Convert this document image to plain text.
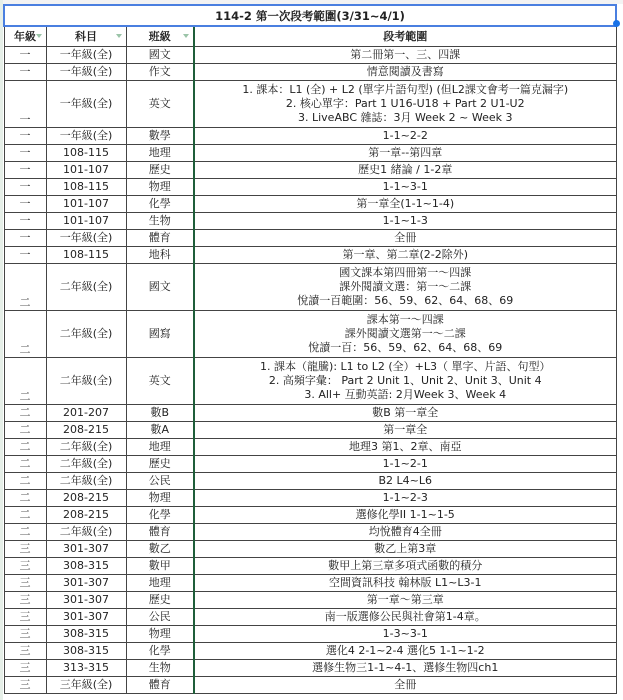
114-2 第一次段考範圍(3/31~4/1)			
年級	科目	班級	段考範圍
一	一年級(全)	國文	第二冊第一、三、四課

一	一年級(全)	作文	情意閱讀及書寫

一	一年級(全)	英文	1. 課本：L1 (全) + L2 (單字片語句型) (但L2課文會考一篇克漏字)
2. 核心單字：Part 1 U16-U18 + Part 2 U1-U2
3. LiveABC 雜誌：3月 Week 2 ~ Week 3

一	一年級(全)	數學	1-1~2-2

一	108-115	地理	第一章--第四章

一	101-107	歷史	歷史1 緒論 / 1-2章

一	108-115	物理	1-1~3-1

一	101-107	化學	第一章全(1-1~1-4)

一	101-107	生物	1-1~1-3

一	一年級(全)	體育	全冊

一	108-115	地科	第一章、第二章(2-2除外)

二	二年級(全)	國文	國文課本第四冊第一～四課
課外閱讀文選：第一～二課
悅讀一百範圍：56、59、62、64、68、69

二	二年級(全)	國寫	課本第一～四課
課外閱讀文選第一～二課
悅讀一百：56、59、62、64、68、69

二	二年級(全)	英文	1. 課本（龍騰): L1 to L2 (全）+L3（ 單字、片語、句型）
2. 高頻字彙： Part 2 Unit 1、Unit 2、Unit 3、Unit 4
3. All+ 互動英語: 2月Week 3、Week 4

二	201-207	數B	數B 第一章全

二	208-215	數A	第一章全

二	二年級(全)	地理	地理3 第1、2章、南亞

二	二年級(全)	歷史	1-1~2-1

二	二年級(全)	公民	B2 L4~L6

二	208-215	物理	1-1~2-3

二	208-215	化學	選修化學II 1-1~1-5

二	二年級(全)	體育	均悅體育4全冊

三	301-307	數乙	數乙上第3章

三	308-315	數甲	數甲上第三章多項式函數的積分

三	301-307	地理	空間資訊科技 翰林版 L1~L3-1

三	301-307	歷史	第一章～第三章

三	301-307	公民	南一版選修公民與社會第1-4章。

三	308-315	物理	1-3~3-1

三	308-315	化學	選化4 2-1~2-4 選化5 1-1~1-2

三	313-315	生物	選修生物三1-1~4-1、選修生物四ch1

三	三年級(全)	體育	全冊
